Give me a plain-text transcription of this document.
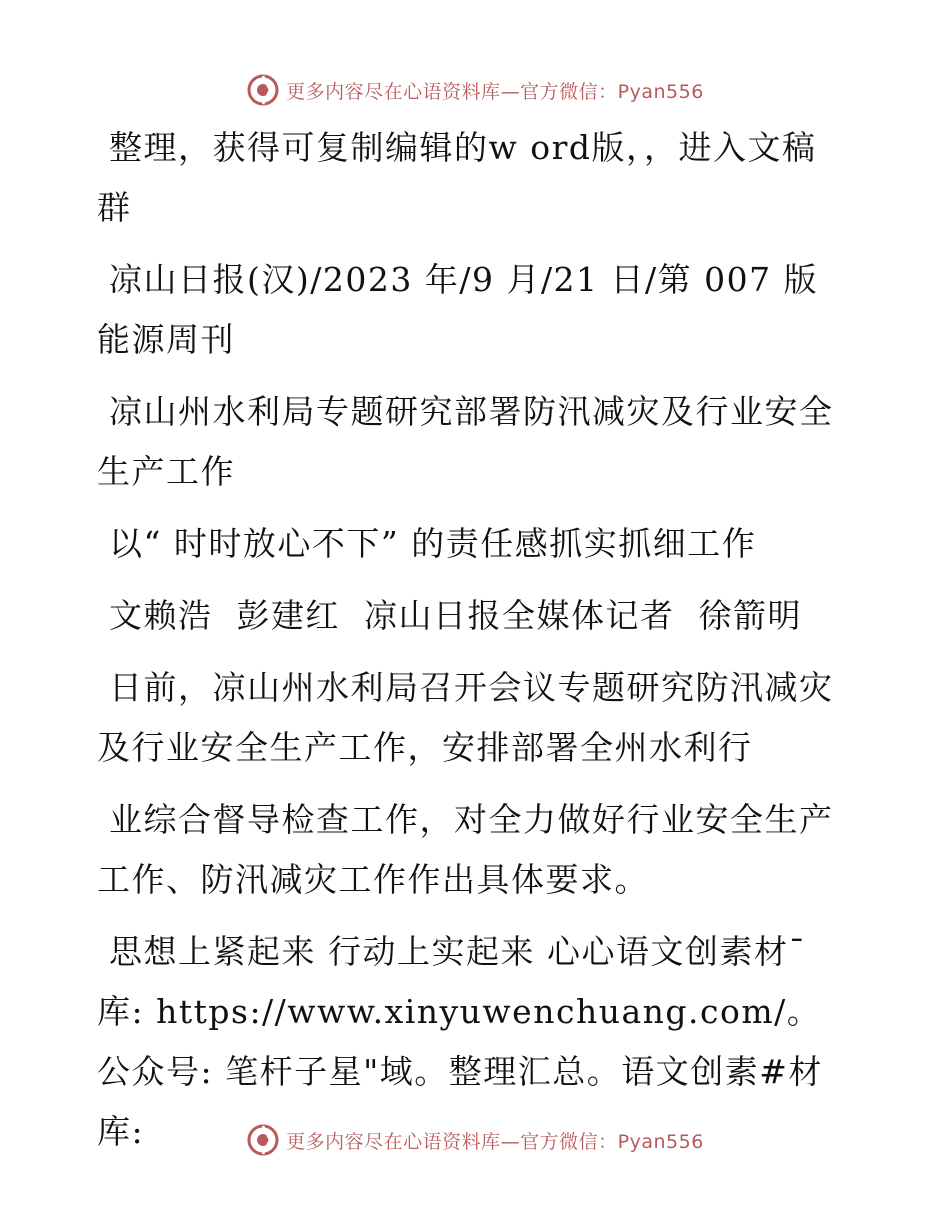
更多内容尽在心语资料库—官方微信：Pyan556

整理，获得可复制编辑的w ord版，，进入文稿群

凉山日报(汉)/2023 年/9 月/21 日/第 007 版能源周刊

凉山州水利局专题研究部署防汛减灾及行业安全生产工作

以“ 时时放心不下” 的责任感抓实抓细工作

文赖浩  彭建红  凉山日报全媒体记者  徐箭明

日前，凉山州水利局召开会议专题研究防汛减灾及行业安全生产工作，安排部署全州水利行

业综合督导检查工作，对全力做好行业安全生产工作、防汛减灾工作作出具体要求。

思想上紧起来 行动上实起来 心心语文创素材¯库: https://www.xinyuwenchuang.com/。公众号: 笔杆子星"域。整理汇总。语文创素#材库:	更多内容尽在心语资料库—官方微信：Pyan556
